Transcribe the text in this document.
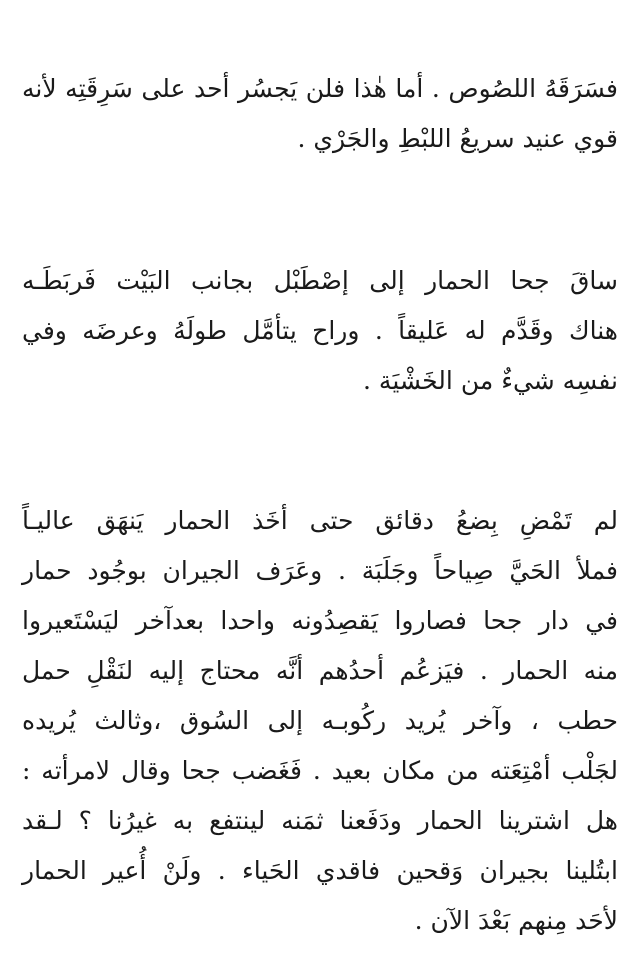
فسَرَقَهُ اللصُوص . أما هٰذا فلن يَجسُر أحد على سَرِقَتِه لأنه
قوي عنيد سريعُ اللبْطِ والجَرْي .
ساقَ جحا الحمار إلى إصْطَبْل بجانب البَيْت فَربَطَـه
هناك وقَدَّم له عَليقاً . وراح يتأمَّل طولَهُ وعرضَه وفي
نفسِه شيءٌ من الخَشْيَة .
لم تَمْضِ بِضعُ دقائق حتى أخَذ الحمار يَنهَق عاليـاً
فملأ الحَيَّ صِياحاً وجَلَبَة . وعَرَف الجيران بوجُود حمار
في دار جحا فصاروا يَقصِدُونه واحدا بعدآخر ليَسْتَعيروا
منه الحمار . فيَزعُم أحدُهم أنَّه محتاج إليه لنَقْلِ حمل
حطب ، وآخر يُريد ركُوبـه إلى السُوق ،وثالث يُريده
لجَلْب أمْتِعَته من مكان بعيد . فَغَضب جحا وقال لامرأته :
هل اشترينا الحمار ودَفَعنا ثمَنه لينتفع به غيرُنا ؟ لـقد
ابتُلينا بجيران وَقحين فاقدي الحَياء . ولَنْ أُعير الحمار
لأحَد مِنهم بَعْدَ الآن .
